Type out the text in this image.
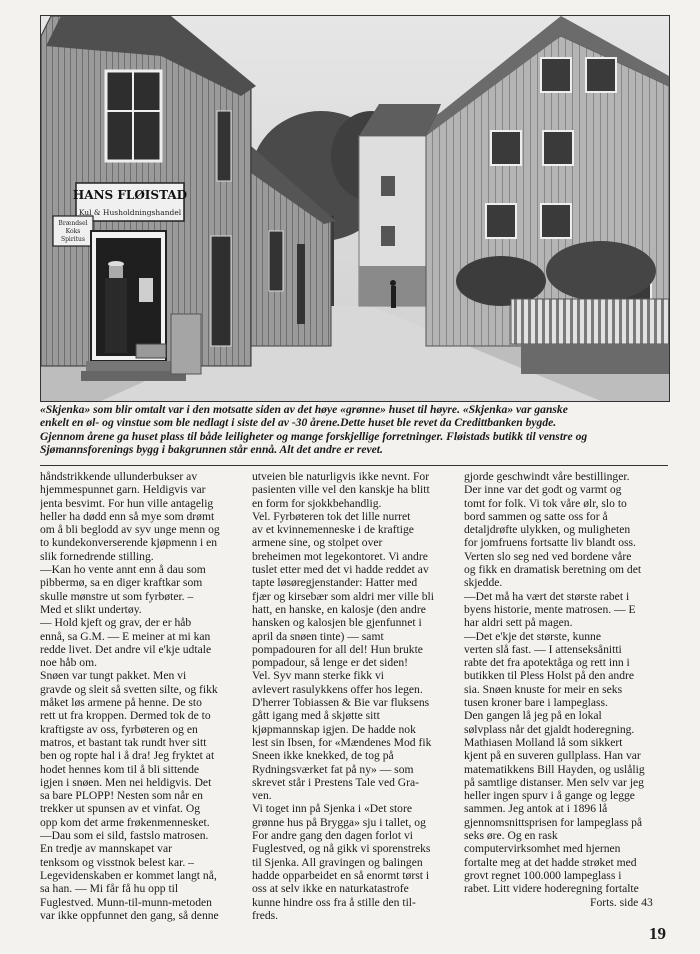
HANS FLØISTAD
Kul & Husholdningshandel
Brændsel
Koks
Spiritus
«Skjenka» som blir omtalt var i den motsatte siden av det høye «grønne» huset til høyre. «Skjenka» var ganske
enkelt en øl- og vinstue som ble nedlagt i siste del av -30 årene.Dette huset ble revet da Credittbanken bygde.
Gjennom årene ga huset plass til både leiligheter og mange forskjellige forretninger. Fløistads butikk til venstre og
Sjømannsforenings bygg i bakgrunnen står ennå. Alt det andre er revet.
håndstrikkende ullunderbukser av
hjemmespunnet garn. Heldigvis var
jenta besvimt. For hun ville antagelig
heller ha dødd enn så mye som drømt
om å bli beglodd av syv unge menn og
to kundekonverserende kjøpmenn i en
slik fornedrende stilling.
—Kan ho vente annt enn å dau som
pibbermø, sa en diger kraftkar som
skulle mønstre ut som fyrbøter. –
Med et slikt undertøy.
— Hold kjeft og grav, der er håb
ennå, sa G.M. — E meiner at mi kan
redde livet. Det andre vil e'kje udtale
noe håb om.
Snøen var tungt pakket. Men vi
gravde og sleit så svetten silte, og fikk
måket løs armene på henne. De sto
rett ut fra kroppen. Dermed tok de to
kraftigste av oss, fyrbøteren og en
matros, et bastant tak rundt hver sitt
ben og ropte hal i å dra! Jeg fryktet at
hodet hennes kom til å bli sittende
igjen i snøen. Men nei heldigvis. Det
sa bare PLOPP! Nesten som når en
trekker ut spunsen av et vinfat. Og
opp kom det arme frøkenmennesket.
—Dau som ei sild, fastslo matrosen.
En tredje av mannskapet var
tenksom og visstnok belest kar. –
Legevidenskaben er kommet langt nå,
sa han. — Mi får få hu opp til
Fuglestved. Munn-til-munn-metoden
var ikke oppfunnet den gang, så denne
utveien ble naturligvis ikke nevnt. For
pasienten ville vel den kanskje ha blitt
en form for sjokkbehandlig.
Vel. Fyrbøteren tok det lille nurret
av et kvinnemenneske i de kraftige
armene sine, og stolpet over
breheimen mot legekontoret. Vi andre
tuslet etter med det vi hadde reddet av
tapte løsøregjenstander: Hatter med
fjær og kirsebær som aldri mer ville bli
hatt, en hanske, en kalosje (den andre
hansken og kalosjen ble gjenfunnet i
april da snøen tinte) — samt
pompadouren for all del! Hun brukte
pompadour, så lenge er det siden!
Vel. Syv mann sterke fikk vi
avlevert rasulykkens offer hos legen.
D'herrer Tobiassen & Bie var fluksens
gått igang med å skjøtte sitt
kjøpmannskap igjen. De hadde nok
lest sin Ibsen, for «Mændenes Mod fik
Sneen ikke knekked, de tog på
Rydningsværket fat på ny» — som
skrevet står i Prestens Tale ved Gra-
ven.
Vi toget inn på Sjenka i «Det store
grønne hus på Brygga» sju i tallet, og
For andre gang den dagen forlot vi
Fuglestved, og nå gikk vi sporenstreks
til Sjenka. All gravingen og balingen
hadde opparbeidet en så enormt tørst i
oss at selv ikke en naturkatastrofe
kunne hindre oss fra å stille den til-
freds.
gjorde geschwindt våre bestillinger.
Der inne var det godt og varmt og
tomt for folk. Vi tok våre ølr, slo to
bord sammen og satte oss for å
detaljdrøfte ulykken, og muligheten
for jomfruens fortsatte liv blandt oss.
Verten slo seg ned ved bordene våre
og fikk en dramatisk beretning om det
skjedde.
—Det må ha vært det største rabet i
byens historie, mente matrosen. — E
har aldri sett på magen.
—Det e'kje det største, kunne
verten slå fast. — I attenseksånitti
rabte det fra apotektåga og rett inn i
butikken til Pless Holst på den andre
sia. Snøen knuste for meir en seks
tusen kroner bare i lampeglass.
Den gangen lå jeg på en lokal
sølvplass når det gjaldt hoderegning.
Mathiasen Molland lå som sikkert
kjent på en suveren gullplass. Han var
matematikkens Bill Hayden, og uslålig
på samtlige distanser. Men selv var jeg
heller ingen spurv i å gange og legge
sammen. Jeg antok at i 1896 lå
gjennomsnittsprisen for lampeglass på
seks øre. Og en rask
computervirksomhet med hjernen
fortalte meg at det hadde strøket med
grovt regnet 100.000 lampeglass i
rabet. Litt videre hoderegning fortalte
Forts. side 43
19
